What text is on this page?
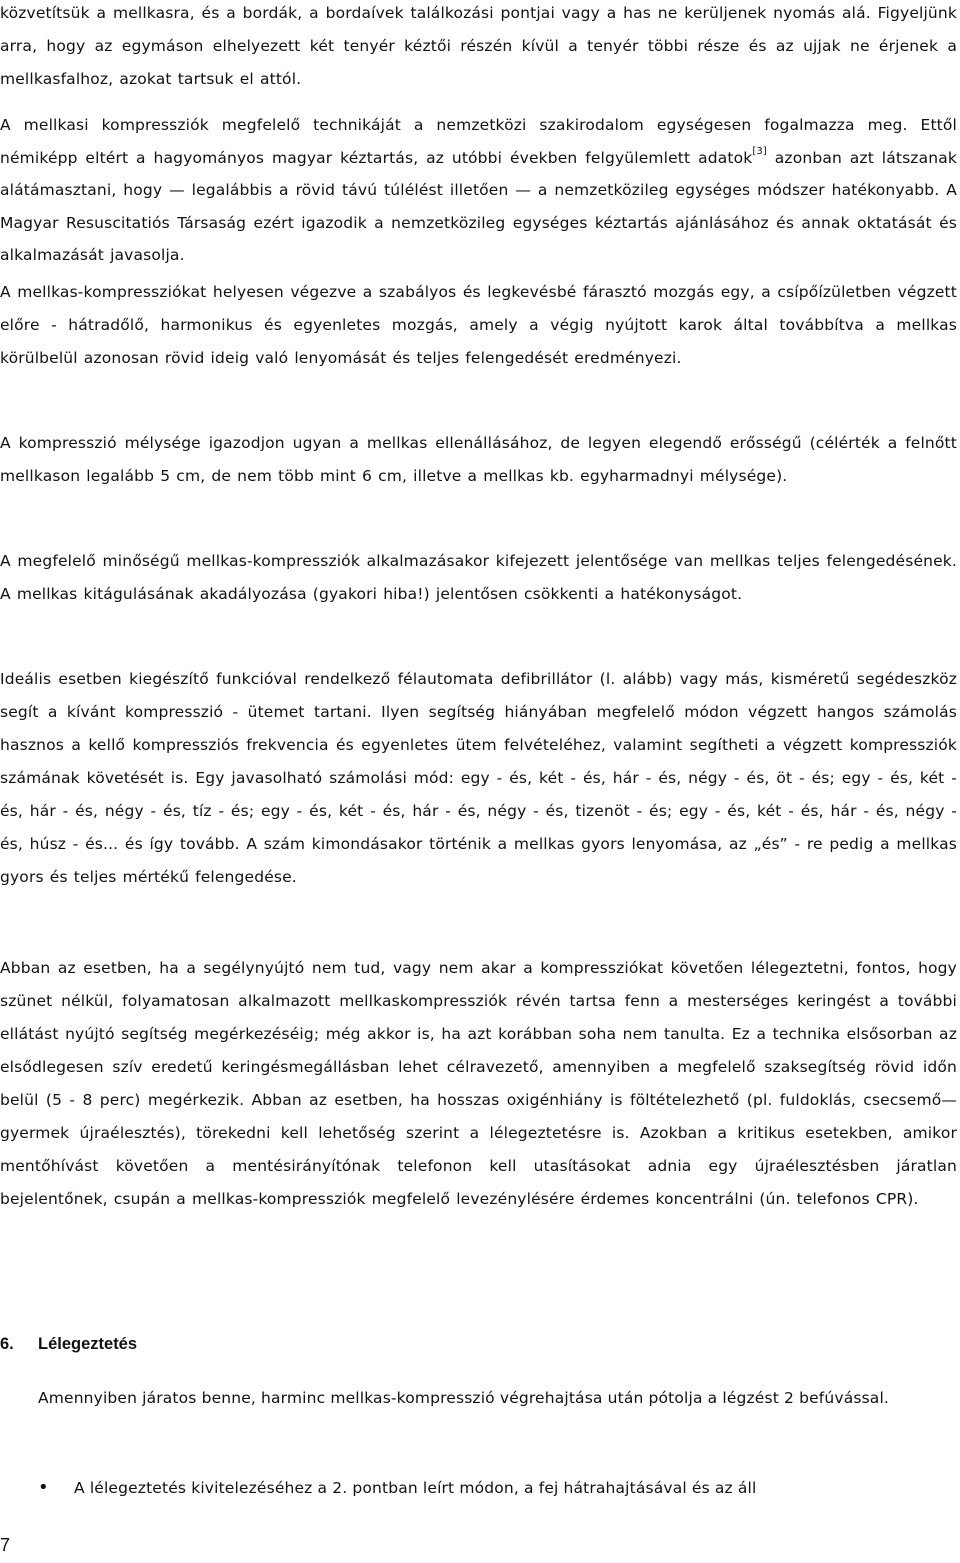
közvetítsük a mellkasra, és a bordák, a bordaívek találkozási pontjai vagy a has ne kerüljenek nyomás alá. Figyeljünk arra, hogy az egymáson elhelyezett két tenyér kéztői részén kívül a tenyér többi része és az ujjak ne érjenek a mellkasfalhoz, azokat tartsuk el attól.

A mellkasi kompressziók megfelelő technikáját a nemzetközi szakirodalom egységesen fogalmazza meg. Ettől némiképp eltért a hagyományos magyar kéztartás, az utóbbi években felgyülemlett adatok[3] azonban azt látszanak alátámasztani, hogy — legalábbis a rövid távú túlélést illetően — a nemzetközileg egységes módszer hatékonyabb. A Magyar Resuscitatiós Társaság ezért igazodik a nemzetközileg egységes kéztartás ajánlásához és annak oktatását és alkalmazását javasolja.

A mellkas-kompressziókat helyesen végezve a szabályos és legkevésbé fárasztó mozgás egy, a csípőízületben végzett előre - hátradőlő, harmonikus és egyenletes mozgás, amely a végig nyújtott karok által továbbítva a mellkas körülbelül azonosan rövid ideig való lenyomását és teljes felengedését eredményezi.

A kompresszió mélysége igazodjon ugyan a mellkas ellenállásához, de legyen elegendő erősségű (célérték a felnőtt mellkason legalább 5 cm, de nem több mint 6 cm, illetve a mellkas kb. egyharmadnyi mélysége).

A megfelelő minőségű mellkas-kompressziók alkalmazásakor kifejezett jelentősége van mellkas teljes felengedésének. A mellkas kitágulásának akadályozása (gyakori hiba!) jelentősen csökkenti a hatékonyságot.

Ideális esetben kiegészítő funkcióval rendelkező félautomata defibrillátor (l. alább) vagy más, kisméretű segédeszköz segít a kívánt kompresszió - ütemet tartani. Ilyen segítség hiányában megfelelő módon végzett hangos számolás hasznos a kellő kompressziós frekvencia és egyenletes ütem felvételéhez, valamint segítheti a végzett kompressziók számának követését is. Egy javasolható számolási mód: egy - és, két - és, hár - és, négy - és, öt - és; egy - és, két - és, hár - és, négy - és, tíz - és; egy - és, két - és, hár - és, négy - és, tizenöt - és; egy - és, két - és, hár - és, négy - és, húsz - és... és így tovább. A szám kimondásakor történik a mellkas gyors lenyomása, az „és” - re pedig a mellkas gyors és teljes mértékű felengedése.

Abban az esetben, ha a segélynyújtó nem tud, vagy nem akar a kompressziókat követően lélegeztetni, fontos, hogy szünet nélkül, folyamatosan alkalmazott mellkaskompressziók révén tartsa fenn a mesterséges keringést a további ellátást nyújtó segítség megérkezéséig; még akkor is, ha azt korábban soha nem tanulta. Ez a technika elsősorban az elsődlegesen szív eredetű keringésmegállásban lehet célravezető, amennyiben a megfelelő szaksegítség rövid időn belül (5 - 8 perc) megérkezik. Abban az esetben, ha hosszas oxigénhiány is föltételezhető (pl. fuldoklás, csecsemő—gyermek újraélesztés), törekedni kell lehetőség szerint a lélegeztetésre is. Azokban a kritikus esetekben, amikor mentőhívást követően a mentésirányítónak telefonon kell utasításokat adnia egy újraélesztésben járatlan bejelentőnek, csupán a mellkas-kompressziók megfelelő levezénylésére érdemes koncentrálni (ún. telefonos CPR).

6. Lélegeztetés

Amennyiben járatos benne, harminc mellkas-kompresszió végrehajtása után pótolja a légzést 2 befúvással.

• A lélegeztetés kivitelezéséhez a 2. pontban leírt módon, a fej hátrahajtásával és az áll

7
